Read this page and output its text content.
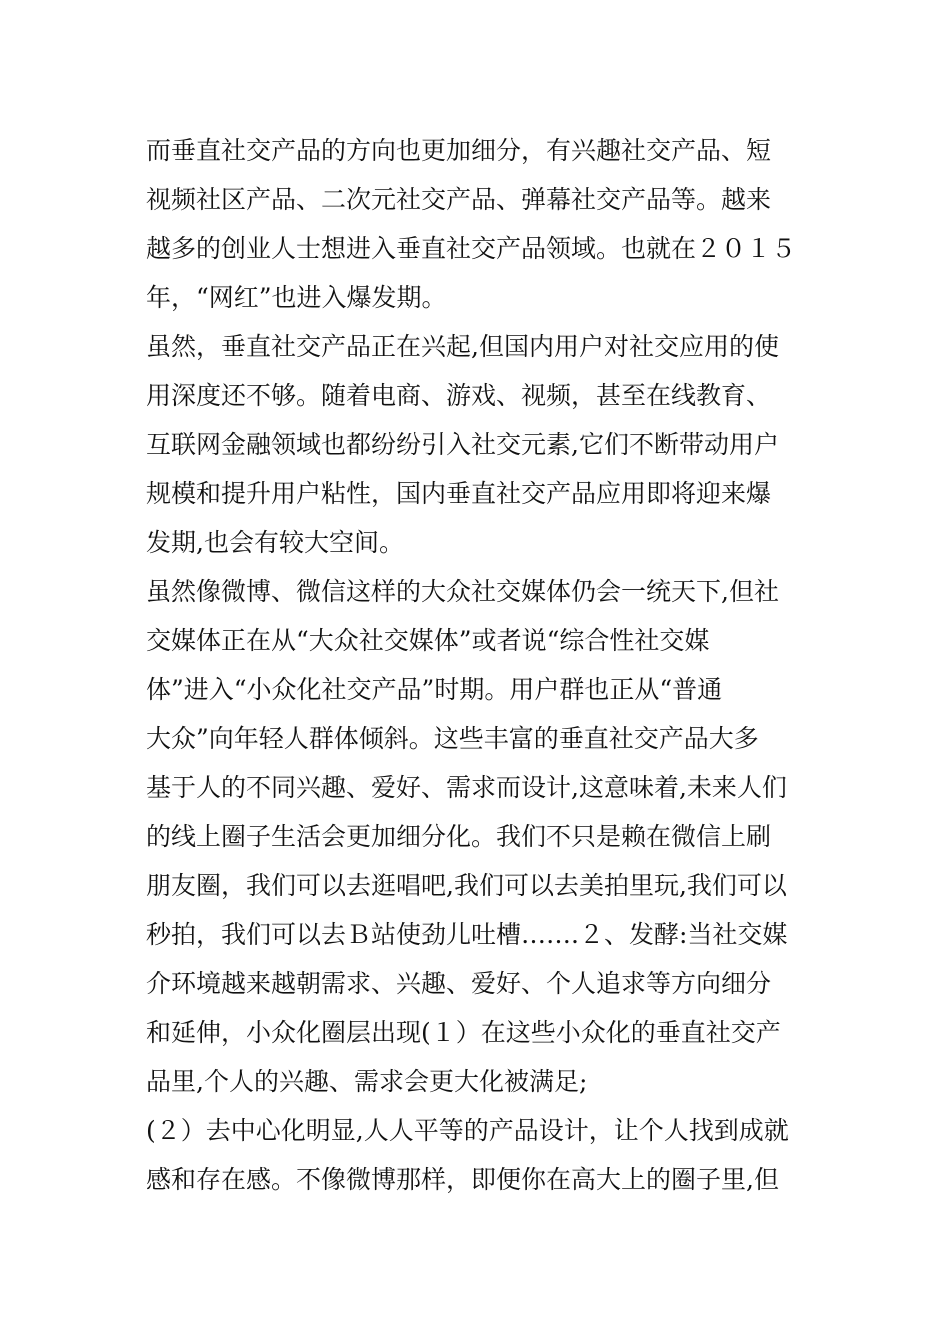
而垂直社交产品的方向也更加细分，有兴趣社交产品、短
视频社区产品、二次元社交产品、弹幕社交产品等。越来
越多的创业人士想进入垂直社交产品领域。也就在２０１５
年，“网红”也进入爆发期。
虽然，垂直社交产品正在兴起,但国内用户对社交应用的使
用深度还不够。随着电商、游戏、视频，甚至在线教育、
互联网金融领域也都纷纷引入社交元素,它们不断带动用户
规模和提升用户粘性，国内垂直社交产品应用即将迎来爆
发期,也会有较大空间。
虽然像微博、微信这样的大众社交媒体仍会一统天下,但社
交媒体正在从“大众社交媒体”或者说“综合性社交媒
体”进入“小众化社交产品”时期。用户群也正从“普通
大众”向年轻人群体倾斜。这些丰富的垂直社交产品大多
基于人的不同兴趣、爱好、需求而设计,这意味着,未来人们
的线上圈子生活会更加细分化。我们不只是赖在微信上刷
朋友圈，我们可以去逛唱吧,我们可以去美拍里玩,我们可以
秒拍，我们可以去Ｂ站使劲儿吐槽…….２、发酵:当社交媒
介环境越来越朝需求、兴趣、爱好、个人追求等方向细分
和延伸，小众化圈层出现(１）在这些小众化的垂直社交产
品里,个人的兴趣、需求会更大化被满足;
(２）去中心化明显,人人平等的产品设计，让个人找到成就
感和存在感。不像微博那样，即便你在高大上的圈子里,但
